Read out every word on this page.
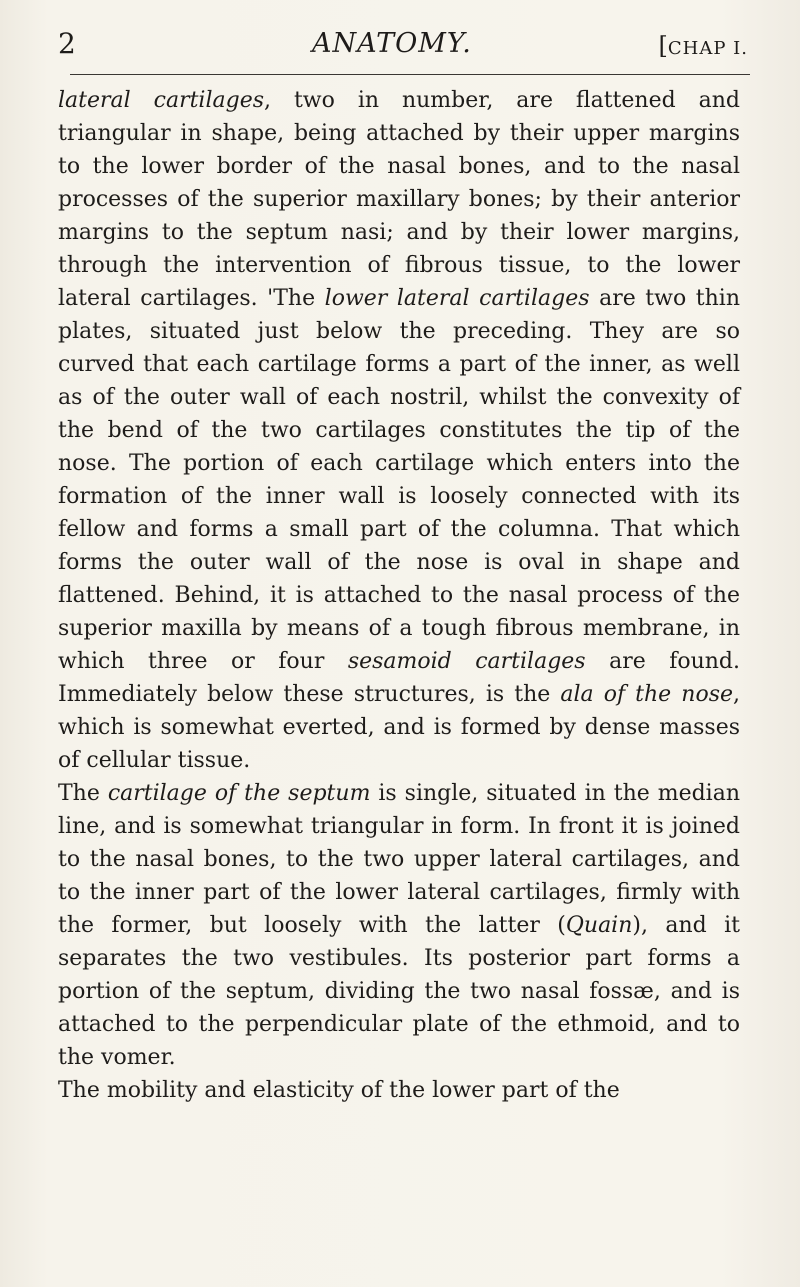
2	ANATOMY.	[CHAP I.

lateral cartilages, two in number, are flattened and triangular in shape, being attached by their upper margins to the lower border of the nasal bones, and to the nasal processes of the superior maxillary bones; by their anterior margins to the septum nasi; and by their lower margins, through the intervention of fibrous tissue, to the lower lateral cartilages. 'The lower lateral cartilages are two thin plates, situated just below the preceding. They are so curved that each cartilage forms a part of the inner, as well as of the outer wall of each nostril, whilst the convexity of the bend of the two cartilages constitutes the tip of the nose. The portion of each cartilage which enters into the formation of the inner wall is loosely connected with its fellow and forms a small part of the columna. That which forms the outer wall of the nose is oval in shape and flattened. Behind, it is attached to the nasal process of the superior maxilla by means of a tough fibrous membrane, in which three or four sesamoid cartilages are found. Immediately below these structures, is the ala of the nose, which is somewhat everted, and is formed by dense masses of cellular tissue.

The cartilage of the septum is single, situated in the median line, and is somewhat triangular in form. In front it is joined to the nasal bones, to the two upper lateral cartilages, and to the inner part of the lower lateral cartilages, firmly with the former, but loosely with the latter (Quain), and it separates the two vestibules. Its posterior part forms a portion of the septum, dividing the two nasal fossæ, and is attached to the perpendicular plate of the ethmoid, and to the vomer.

The mobility and elasticity of the lower part of the
